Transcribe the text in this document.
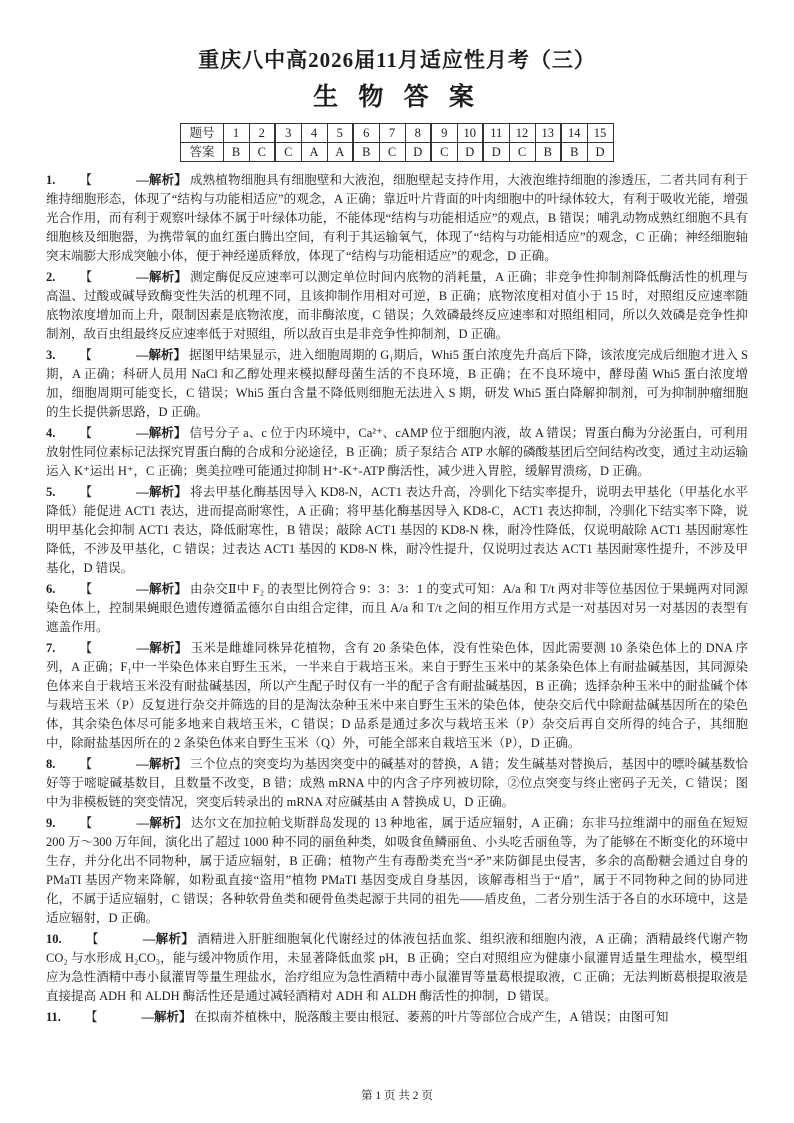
重庆八中高2026届11月适应性月考（三）
生 物 答 案
题号	1	2	3	4	5	6	7	8	9	10	11	12	13	14	15
答案	B	C	C	A	A	B	C	D	C	D	D	C	B	B	D

1. 【	—解析】 成熟植物细胞具有细胞壁和大液泡，细胞壁起支持作用，大液泡维持细胞的渗透压，二者共同有利于维持细胞形态，体现了“结构与功能相适应”的观念，A 正确；靠近叶片背面的叶肉细胞中的叶绿体较大，有利于吸收光能，增强光合作用，而有利于观察叶绿体不属于叶绿体功能，不能体现“结构与功能相适应”的观点，B 错误；哺乳动物成熟红细胞不具有细胞核及细胞器，为携带氧的血红蛋白腾出空间，有利于其运输氧气，体现了“结构与功能相适应”的观念，C 正确；神经细胞轴突末端膨大形成突触小体，便于神经递质释放，体现了“结构与功能相适应”的观念，D 正确。

2. 【	—解析】 测定酶促反应速率可以测定单位时间内底物的消耗量，A 正确；非竞争性抑制剂降低酶活性的机理与高温、过酸或碱导致酶变性失活的机理不同，且该抑制作用相对可逆，B 正确；底物浓度相对值小于 15 时，对照组反应速率随底物浓度增加而上升，限制因素是底物浓度，而非酶浓度，C 错误；久效磷最终反应速率和对照组相同，所以久效磷是竞争性抑制剂，敌百虫组最终反应速率低于对照组，所以敌百虫是非竞争性抑制剂，D 正确。

3. 【	—解析】 据图甲结果显示，进入细胞周期的 G₁期后，Whi5 蛋白浓度先升高后下降，该浓度完成后细胞才进入 S 期，A 正确；科研人员用 NaCl 和乙醇处理来模拟酵母菌生活的不良环境，B 正确；在不良环境中，酵母菌 Whi5 蛋白浓度增加，细胞周期可能变长，C 错误；Whi5 蛋白含量不降低则细胞无法进入 S 期，研发 Whi5 蛋白降解抑制剂，可为抑制肿瘤细胞的生长提供新思路，D 正确。

4. 【	—解析】 信号分子 a、c 位于内环境中，Ca²⁺、cAMP 位于细胞内液，故 A 错误；胃蛋白酶为分泌蛋白，可利用放射性同位素标记法探究胃蛋白酶的合成和分泌途径，B 正确；质子泵结合 ATP 水解的磷酸基团后空间结构改变，通过主动运输运入 K⁺运出 H⁺，C 正确；奥美拉唑可能通过抑制 H⁺-K⁺-ATP 酶活性，减少进入胃腔，缓解胃溃疡，D 正确。

5. 【	—解析】 将去甲基化酶基因导入 KD8-N，ACT1 表达升高，冷驯化下结实率提升，说明去甲基化（甲基化水平降低）能促进 ACT1 表达，进而提高耐寒性，A 正确；将甲基化酶基因导入 KD8-C，ACT1 表达抑制，冷驯化下结实率下降，说明甲基化会抑制 ACT1 表达，降低耐寒性，B 错误；敲除 ACT1 基因的 KD8-N 株，耐冷性降低，仅说明敲除 ACT1 基因耐寒性降低，不涉及甲基化，C 错误；过表达 ACT1 基因的 KD8-N 株，耐冷性提升，仅说明过表达 ACT1 基因耐寒性提升，不涉及甲基化，D 错误。

6. 【	—解析】 由杂交Ⅱ中 F₂ 的表型比例符合 9：3：3：1 的变式可知：A/a 和 T/t 两对非等位基因位于果蝇两对同源染色体上，控制果蝇眼色遗传遵循孟德尔自由组合定律，而且 A/a 和 T/t 之间的相互作用方式是一对基因对另一对基因的表型有遮盖作用。

7. 【	—解析】 玉米是雌雄同株异花植物，含有 20 条染色体，没有性染色体，因此需要测 10 条染色体上的 DNA 序列，A 正确；F₁中一半染色体来自野生玉米，一半来自于栽培玉米。来自于野生玉米中的某条染色体上有耐盐碱基因，其同源染色体来自于栽培玉米没有耐盐碱基因，所以产生配子时仅有一半的配子含有耐盐碱基因，B 正确；选择杂种玉米中的耐盐碱个体与栽培玉米（P）反复进行杂交并筛选的目的是淘汰杂种玉米中来自野生玉米的染色体，使杂交后代中除耐盐碱基因所在的染色体，其余染色体尽可能多地来自栽培玉米，C 错误；D 品系是通过多次与栽培玉米（P）杂交后再自交所得的纯合子，其细胞中，除耐盐基因所在的 2 条染色体来自野生玉米（Q）外，可能全部来自栽培玉米（P），D 正确。

8. 【	—解析】 三个位点的突变均为基因突变中的碱基对的替换，A 错；发生碱基对替换后，基因中的嘌呤碱基数恰好等于嘧啶碱基数目，且数量不改变，B 错；成熟 mRNA 中的内含子序列被切除，②位点突变与终止密码子无关，C 错误；图中为非模板链的突变情况，突变后转录出的 mRNA 对应碱基由 A 替换成 U，D 正确。

9. 【	—解析】 达尔文在加拉帕戈斯群岛发现的 13 种地雀，属于适应辐射，A 正确；东非马拉维湖中的丽鱼在短短 200 万～300 万年间，演化出了超过 1000 种不同的丽鱼种类，如吸食鱼鳞丽鱼、小头吃舌丽鱼等，为了能够在不断变化的环境中生存，并分化出不同物种，属于适应辐射，B 正确；植物产生有毒酚类充当“矛”来防御昆虫侵害，多余的高酚糖会通过自身的 PMaTI 基因产物来降解，如粉虱直接“盗用”植物 PMaTI 基因变成自身基因，该解毒相当于“盾”，属于不同物种之间的协同进化，不属于适应辐射，C 错误；各种软骨鱼类和硬骨鱼类起源于共同的祖先——盾皮鱼，二者分别生活于各自的水环境中，这是适应辐射，D 正确。

10. 【	—解析】 酒精进入肝脏细胞氧化代谢经过的体液包括血浆、组织液和细胞内液，A 正确；酒精最终代谢产物 CO₂ 与水形成 H₂CO₃，能与缓冲物质作用，未显著降低血浆 pH，B 正确；空白对照组应为健康小鼠灌胃适量生理盐水，模型组应为急性酒精中毒小鼠灌胃等量生理盐水，治疗组应为急性酒精中毒小鼠灌胃等量葛根提取液，C 正确；无法判断葛根提取液是直接提高 ADH 和 ALDH 酶活性还是通过减轻酒精对 ADH 和 ALDH 酶活性的抑制，D 错误。

11. 【	—解析】 在拟南芥植株中，脱落酸主要由根冠、萎蔫的叶片等部位合成产生，A 错误；由图可知

第 1 页 共 2 页
